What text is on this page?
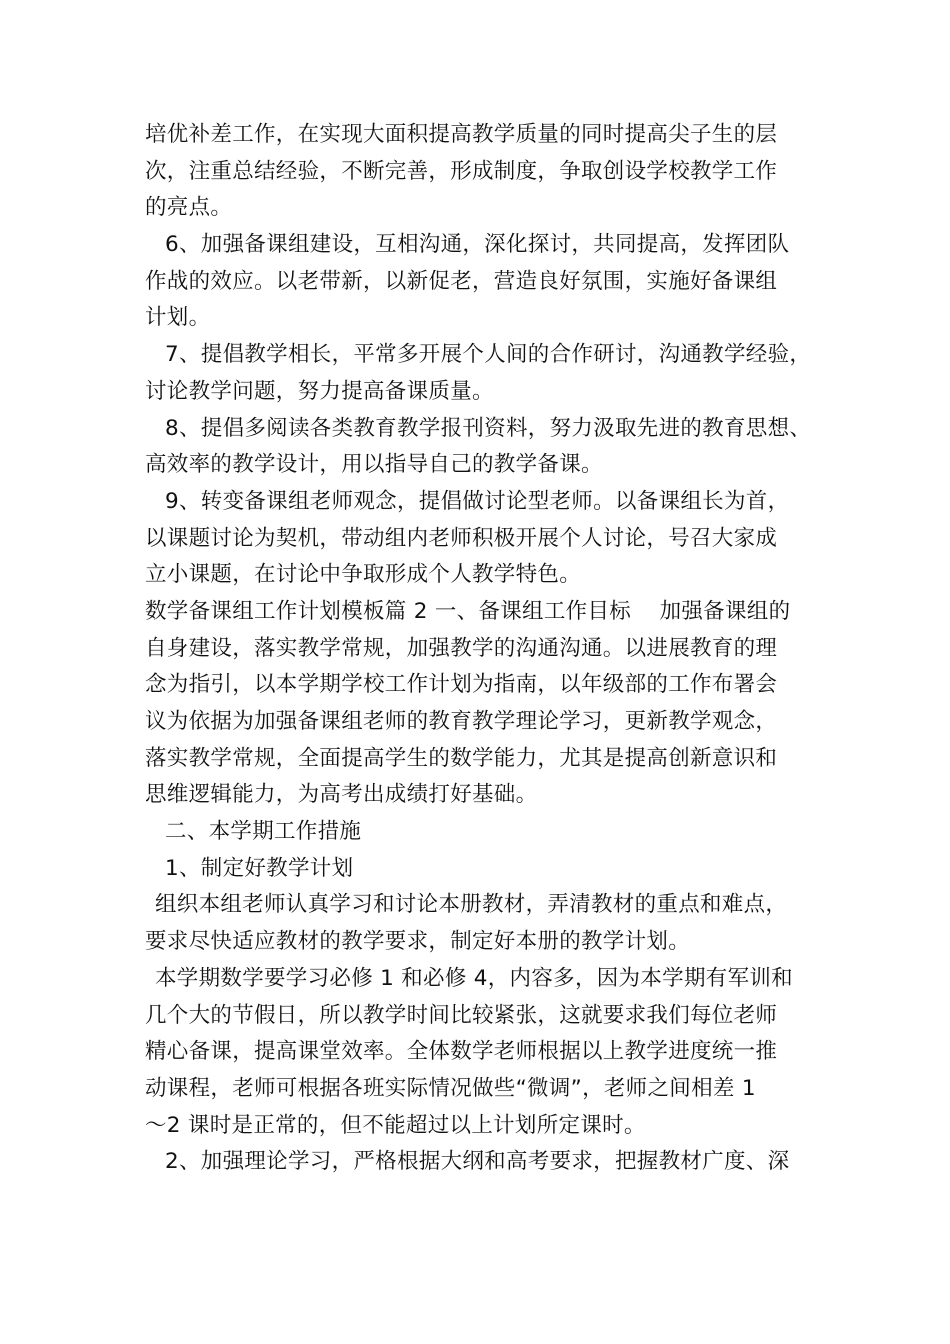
培优补差工作，在实现大面积提高教学质量的同时提高尖子生的层
次，注重总结经验，不断完善，形成制度，争取创设学校教学工作
的亮点。
6、加强备课组建设，互相沟通，深化探讨，共同提高，发挥团队
作战的效应。以老带新，以新促老，营造良好氛围，实施好备课组
计划。
7、提倡教学相长，平常多开展个人间的合作研讨，沟通教学经验，
讨论教学问题，努力提高备课质量。
8、提倡多阅读各类教育教学报刊资料，努力汲取先进的教育思想、
高效率的教学设计，用以指导自己的教学备课。
9、转变备课组老师观念，提倡做讨论型老师。以备课组长为首，
以课题讨论为契机，带动组内老师积极开展个人讨论，号召大家成
立小课题，在讨论中争取形成个人教学特色。
数学备课组工作计划模板篇 2 一、备课组工作目标    加强备课组的
自身建设，落实教学常规，加强教学的沟通沟通。以进展教育的理
念为指引，以本学期学校工作计划为指南，以年级部的工作布署会
议为依据为加强备课组老师的教育教学理论学习，更新教学观念，
落实教学常规，全面提高学生的数学能力，尤其是提高创新意识和
思维逻辑能力，为高考出成绩打好基础。
二、本学期工作措施
1、制定好教学计划
组织本组老师认真学习和讨论本册教材，弄清教材的重点和难点，
要求尽快适应教材的教学要求，制定好本册的教学计划。
本学期数学要学习必修 1 和必修 4，内容多，因为本学期有军训和
几个大的节假日，所以教学时间比较紧张，这就要求我们每位老师
精心备课，提高课堂效率。全体数学老师根据以上教学进度统一推
动课程，老师可根据各班实际情况做些“微调”，老师之间相差 1
～2 课时是正常的，但不能超过以上计划所定课时。
2、加强理论学习，严格根据大纲和高考要求，把握教材广度、深
